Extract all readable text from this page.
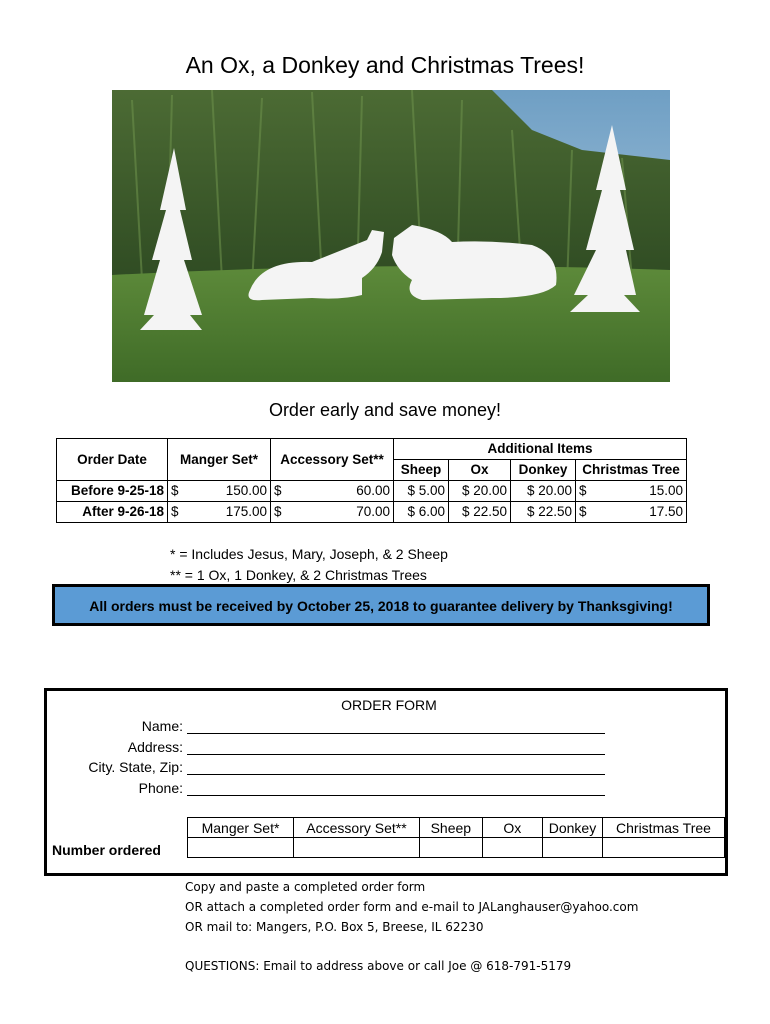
An Ox, a Donkey and Christmas Trees!
Order early and save money!
Order Date	Manger Set*		Accessory Set**		Additional Items				
					Sheep	Ox	Donkey	Christmas Tree	
Before 9-25-18	$	150.00	$	60.00	$ 5.00	$ 20.00	$ 20.00	$	15.00
After 9-26-18	$	175.00	$	70.00	$ 6.00	$ 22.50	$ 22.50	$	17.50
* = Includes Jesus, Mary, Joseph, & 2 Sheep
** = 1 Ox, 1 Donkey, & 2 Christmas Trees
All orders must be received by October 25, 2018 to guarantee delivery by Thanksgiving!
ORDER FORM
Name:
Address:
City. State, Zip:
Phone:
Manger Set*	Accessory Set**	Sheep	Ox	Donkey	Christmas Tree

Number ordered
Copy and paste a completed order form
OR attach a completed order form and e-mail to JALanghauser@yahoo.com
OR mail to: Mangers, P.O. Box 5, Breese, IL 62230
QUESTIONS: Email to address above or call Joe @ 618-791-5179
